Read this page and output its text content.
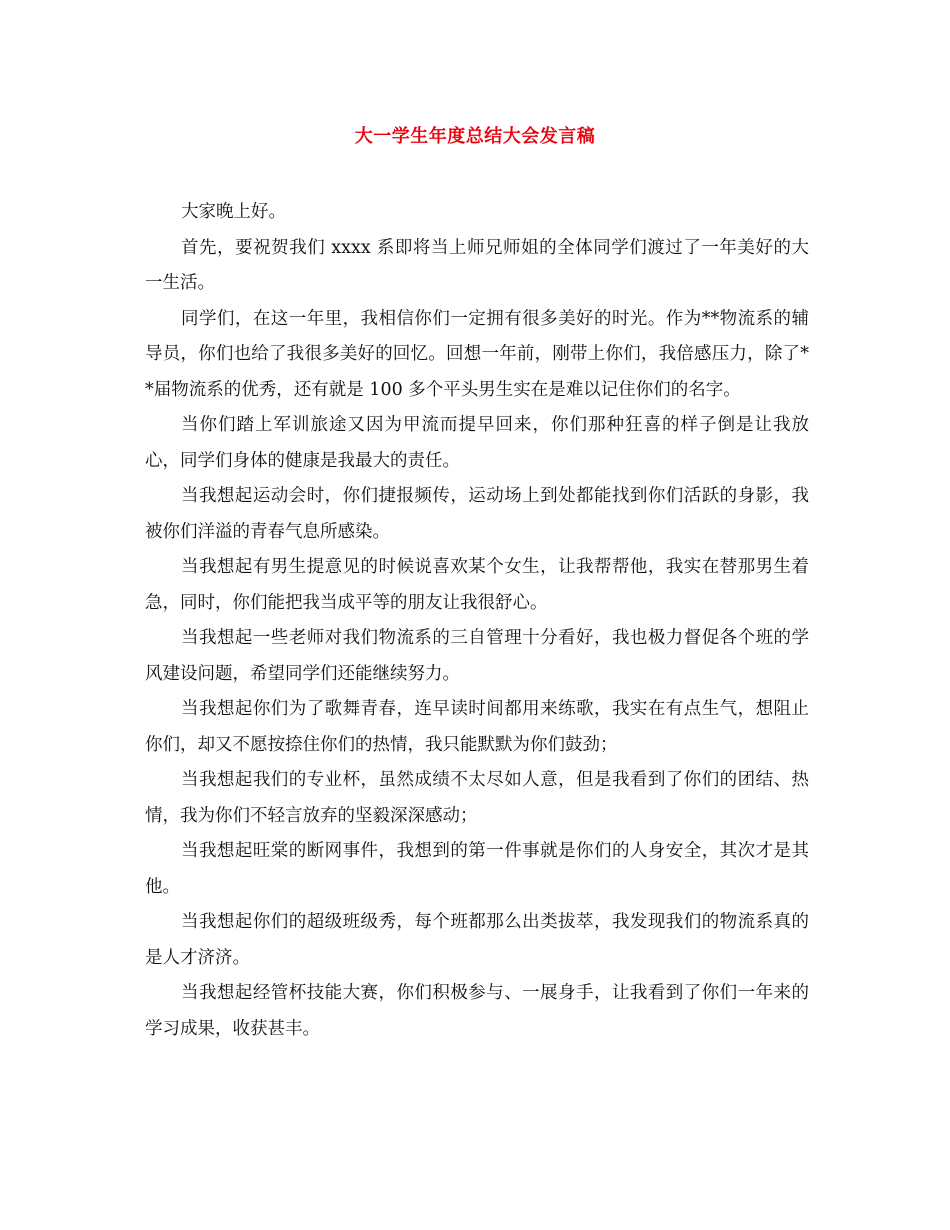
大一学生年度总结大会发言稿

大家晚上好。

首先，要祝贺我们 xxxx 系即将当上师兄师姐的全体同学们渡过了一年美好的大一生活。

同学们，在这一年里，我相信你们一定拥有很多美好的时光。作为**物流系的辅导员，你们也给了我很多美好的回忆。回想一年前，刚带上你们，我倍感压力，除了**届物流系的优秀，还有就是 100 多个平头男生实在是难以记住你们的名字。

当你们踏上军训旅途又因为甲流而提早回来，你们那种狂喜的样子倒是让我放心，同学们身体的健康是我最大的责任。

当我想起运动会时，你们捷报频传，运动场上到处都能找到你们活跃的身影，我被你们洋溢的青春气息所感染。

当我想起有男生提意见的时候说喜欢某个女生，让我帮帮他，我实在替那男生着急，同时，你们能把我当成平等的朋友让我很舒心。

当我想起一些老师对我们物流系的三自管理十分看好，我也极力督促各个班的学风建设问题，希望同学们还能继续努力。

当我想起你们为了歌舞青春，连早读时间都用来练歌，我实在有点生气，想阻止你们，却又不愿按捺住你们的热情，我只能默默为你们鼓劲；

当我想起我们的专业杯，虽然成绩不太尽如人意，但是我看到了你们的团结、热情，我为你们不轻言放弃的坚毅深深感动；

当我想起旺棠的断网事件，我想到的第一件事就是你们的人身安全，其次才是其他。

当我想起你们的超级班级秀，每个班都那么出类拔萃，我发现我们的物流系真的是人才济济。

当我想起经管杯技能大赛，你们积极参与、一展身手，让我看到了你们一年来的学习成果，收获甚丰。
